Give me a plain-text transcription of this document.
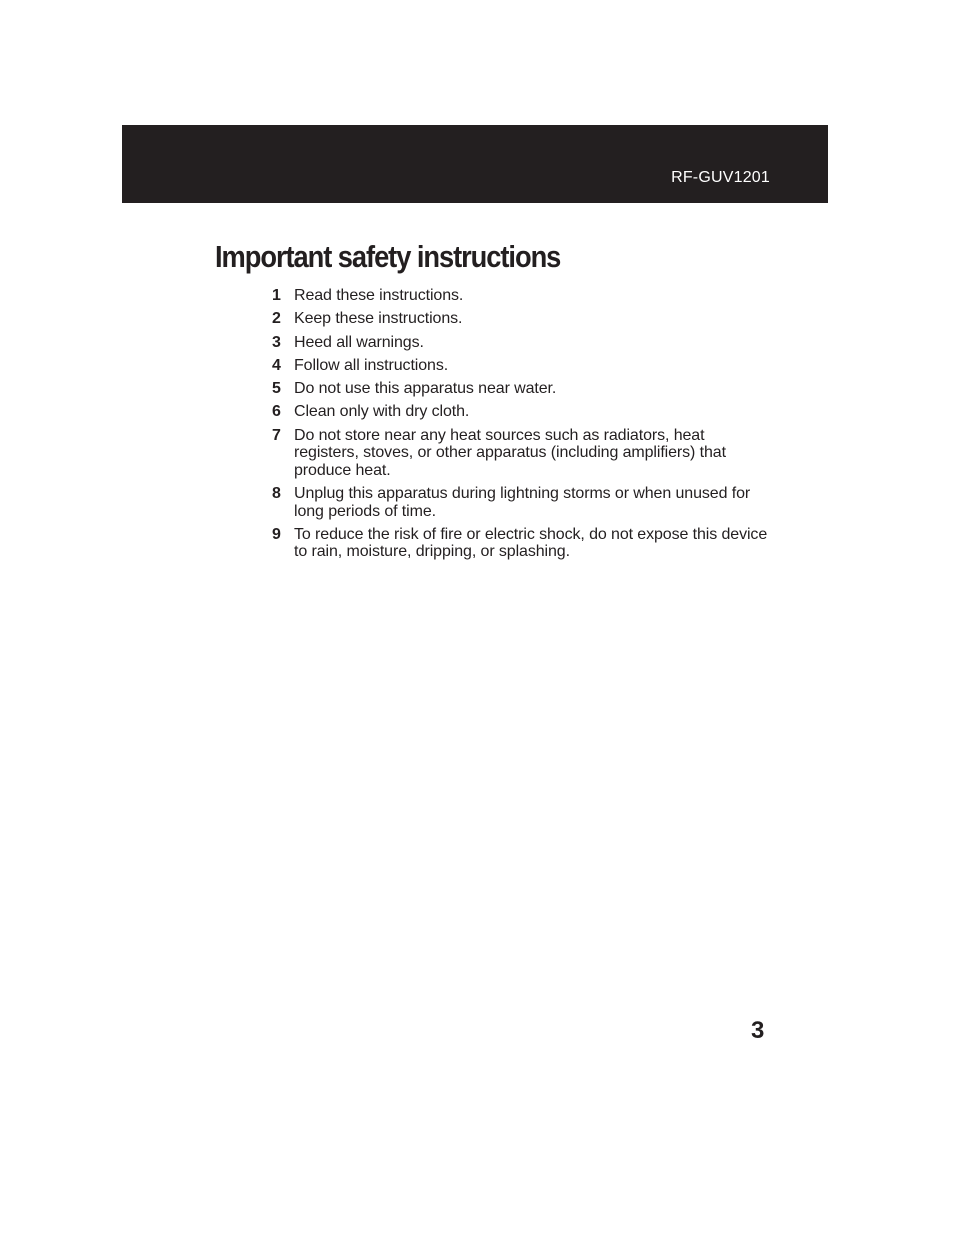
RF-GUV1201
Important safety instructions
1 Read these instructions.
2 Keep these instructions.
3 Heed all warnings.
4 Follow all instructions.
5 Do not use this apparatus near water.
6 Clean only with dry cloth.
7 Do not store near any heat sources such as radiators, heat registers, stoves, or other apparatus (including amplifiers) that produce heat.
8 Unplug this apparatus during lightning storms or when unused for long periods of time.
9 To reduce the risk of fire or electric shock, do not expose this device to rain, moisture, dripping, or splashing.
3
